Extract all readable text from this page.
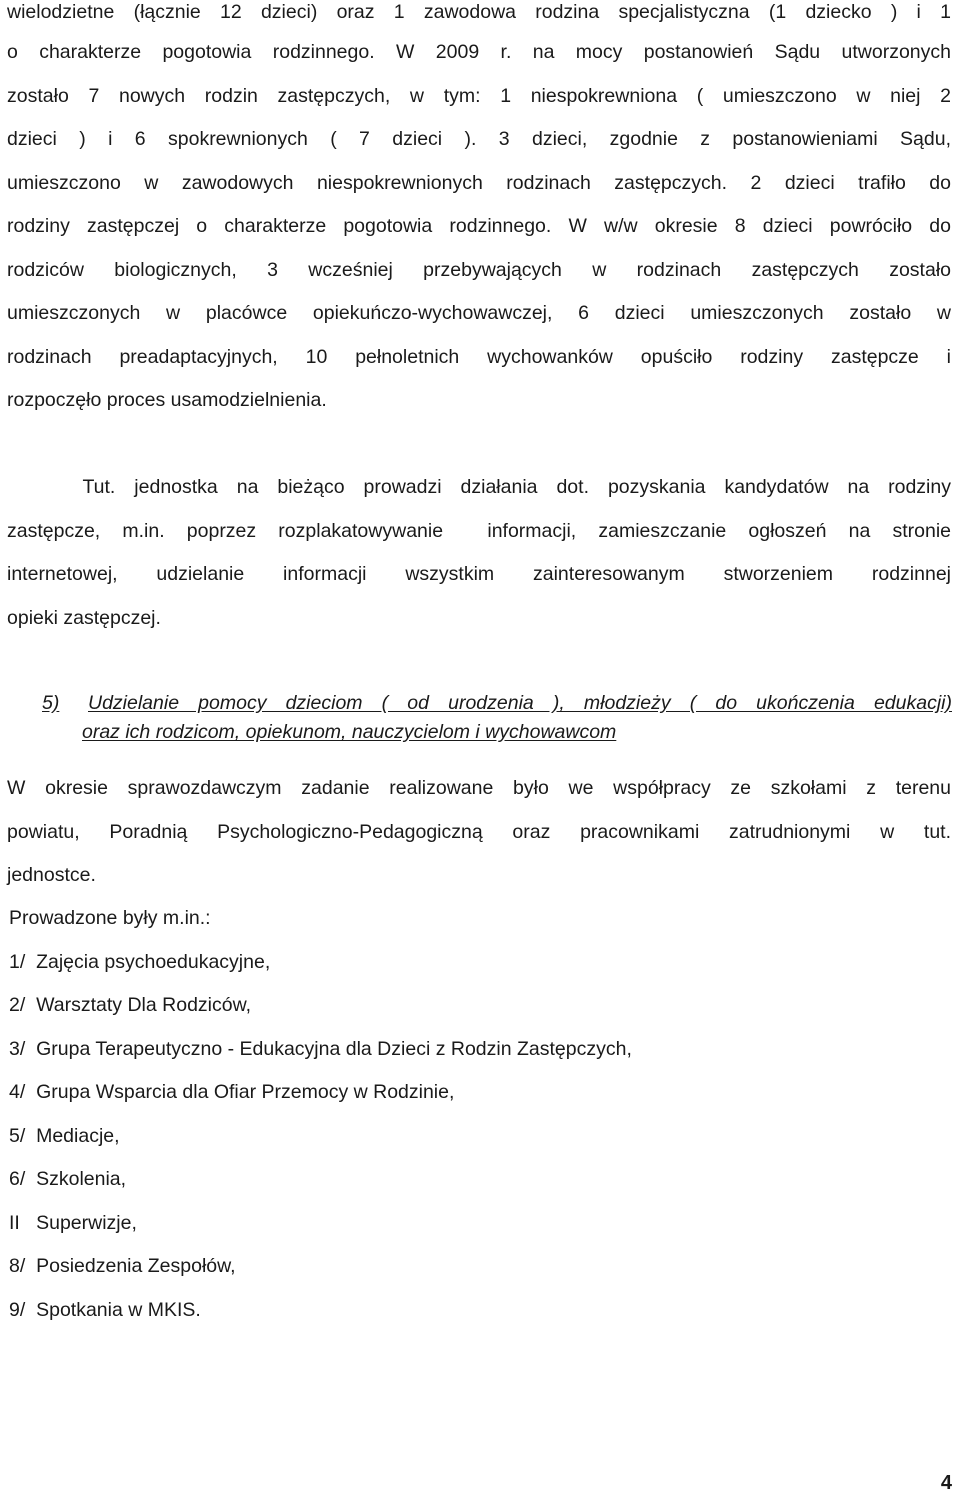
wielodzietne (łącznie 12 dzieci) oraz 1 zawodowa rodzina specjalistyczna (1 dziecko ) i 1
o charakterze pogotowia rodzinnego. W 2009 r. na mocy postanowień Sądu utworzonych
zostało 7 nowych rodzin zastępczych, w tym: 1 niespokrewniona ( umieszczono w niej 2
dzieci ) i 6 spokrewnionych ( 7 dzieci ). 3 dzieci, zgodnie z postanowieniami Sądu,
umieszczono w zawodowych niespokrewnionych rodzinach zastępczych. 2 dzieci trafiło do
rodziny zastępczej o charakterze pogotowia rodzinnego. W w/w okresie 8 dzieci powróciło do
rodziców biologicznych, 3 wcześniej przebywających w rodzinach zastępczych zostało
umieszczonych w placówce opiekuńczo-wychowawczej, 6 dzieci umieszczonych zostało w
rodzinach preadaptacyjnych, 10 pełnoletnich wychowanków opuściło rodziny zastępcze i
rozpoczęło proces usamodzielnienia.
Tut. jednostka na bieżąco prowadzi działania dot. pozyskania kandydatów na rodziny
zastępcze, m.in. poprzez rozplakatowywanie  informacji, zamieszczanie ogłoszeń na stronie
internetowej, udzielanie informacji wszystkim zainteresowanym stworzeniem rodzinnej
opieki zastępczej.
5) Udzielanie pomocy dzieciom ( od urodzenia ), młodzieży ( do ukończenia edukacji)
oraz ich rodzicom, opiekunom, nauczycielom i wychowawcom
W okresie sprawozdawczym zadanie realizowane było we współpracy ze szkołami z terenu
powiatu, Poradnią Psychologiczno-Pedagogiczną oraz pracownikami zatrudnionymi w tut.
jednostce.
Prowadzone były m.in.:
1/  Zajęcia psychoedukacyjne,
2/  Warsztaty Dla Rodziców,
3/  Grupa Terapeutyczno - Edukacyjna dla Dzieci z Rodzin Zastępczych,
4/  Grupa Wsparcia dla Ofiar Przemocy w Rodzinie,
5/  Mediacje,
6/  Szkolenia,
II   Superwizje,
8/  Posiedzenia Zespołów,
9/  Spotkania w MKIS.
4
